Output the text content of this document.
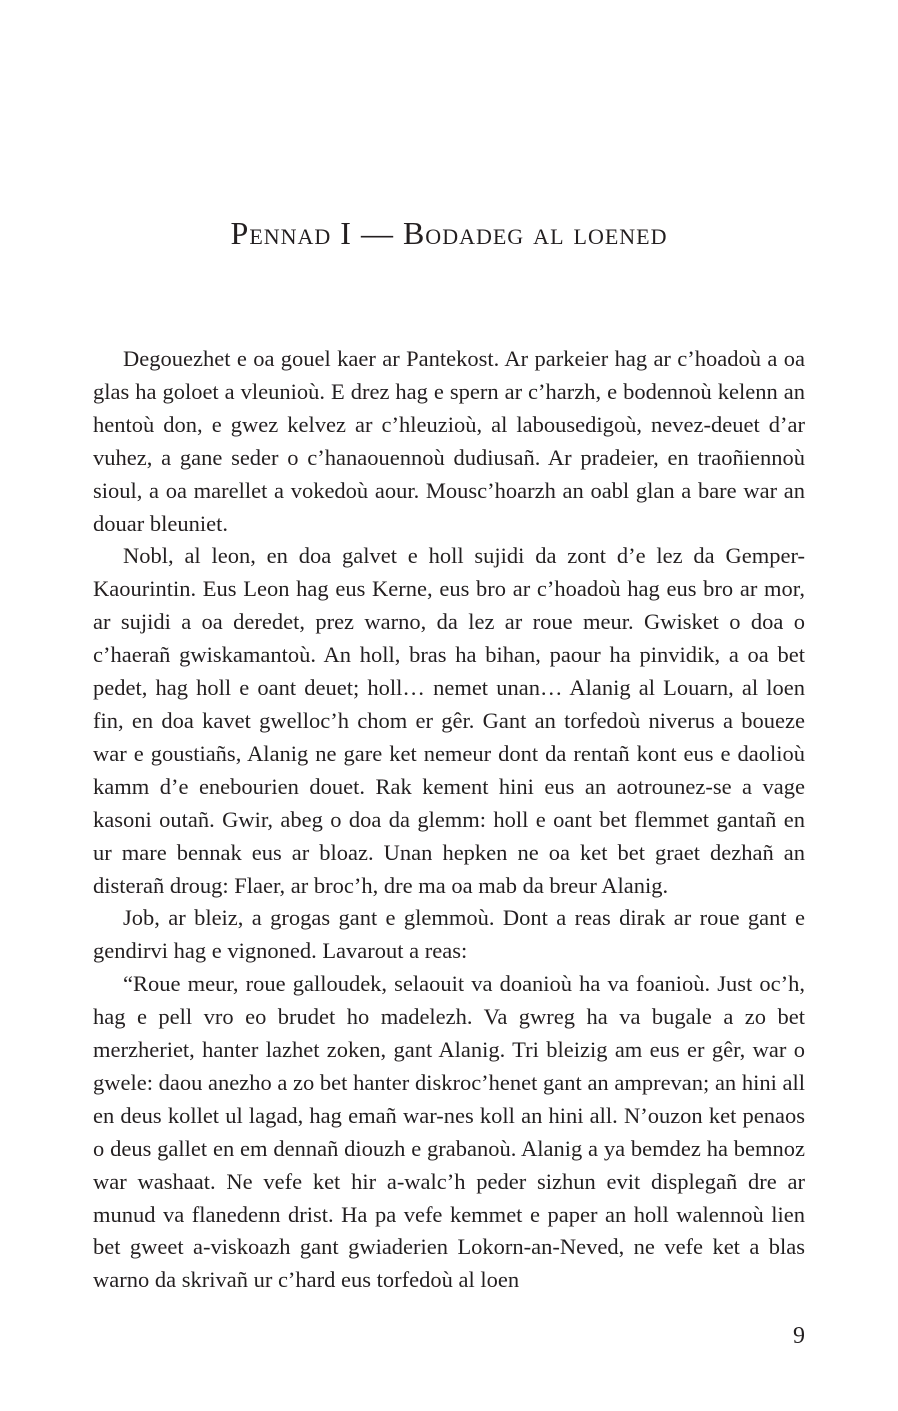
Pennad I — Bodadeg al loened

Degouezhet e oa gouel kaer ar Pantekost. Ar parkeier hag ar c’hoadoù a oa glas ha goloet a vleunioù. E drez hag e spern ar c’harzh, e bodennoù kelenn an hentoù don, e gwez kelvez ar c’hleuzioù, al labousedigoù, nevez-deuet d’ar vuhez, a gane seder o c’hanaouennoù dudiusañ. Ar pradeier, en traoñiennoù sioul, a oa marellet a vokedoù aour. Mousc’hoarzh an oabl glan a bare war an douar bleuniet.

Nobl, al leon, en doa galvet e holl sujidi da zont d’e lez da Gemper-Kaourintin. Eus Leon hag eus Kerne, eus bro ar c’hoadoù hag eus bro ar mor, ar sujidi a oa deredet, prez warno, da lez ar roue meur. Gwisket o doa o c’haerañ gwiskamantoù. An holl, bras ha bihan, paour ha pinvidik, a oa bet pedet, hag holl e oant deuet; holl… nemet unan… Alanig al Louarn, al loen fin, en doa kavet gwelloc’h chom er gêr. Gant an torfedoù niverus a boueze war e goustiañs, Alanig ne gare ket nemeur dont da rentañ kont eus e daolioù kamm d’e enebourien douet. Rak kement hini eus an aotrounez-se a vage kasoni outañ. Gwir, abeg o doa da glemm: holl e oant bet flemmet gantañ en ur mare bennak eus ar bloaz. Unan hepken ne oa ket bet graet dezhañ an disterañ droug: Flaer, ar broc’h, dre ma oa mab da breur Alanig.

Job, ar bleiz, a grogas gant e glemmoù. Dont a reas dirak ar roue gant e gendirvi hag e vignoned. Lavarout a reas:

“Roue meur, roue galloudek, selaouit va doanioù ha va foanioù. Just oc’h, hag e pell vro eo brudet ho madelezh. Va gwreg ha va bugale a zo bet merzheriet, hanter lazhet zoken, gant Alanig. Tri bleizig am eus er gêr, war o gwele: daou anezho a zo bet hanter diskroc’henet gant an amprevan; an hini all en deus kollet ul lagad, hag emañ war-nes koll an hini all. N’ouzon ket penaos o deus gallet en em dennañ diouzh e grabanoù. Alanig a ya bemdez ha bemnoz war washaat. Ne vefe ket hir a-walc’h peder sizhun evit displegañ dre ar munud va flanedenn drist. Ha pa vefe kemmet e paper an holl walennoù lien bet gweet a-viskoazh gant gwiaderien Lokorn-an-Neved, ne vefe ket a blas warno da skrivañ ur c’hard eus torfedoù al loen

9
